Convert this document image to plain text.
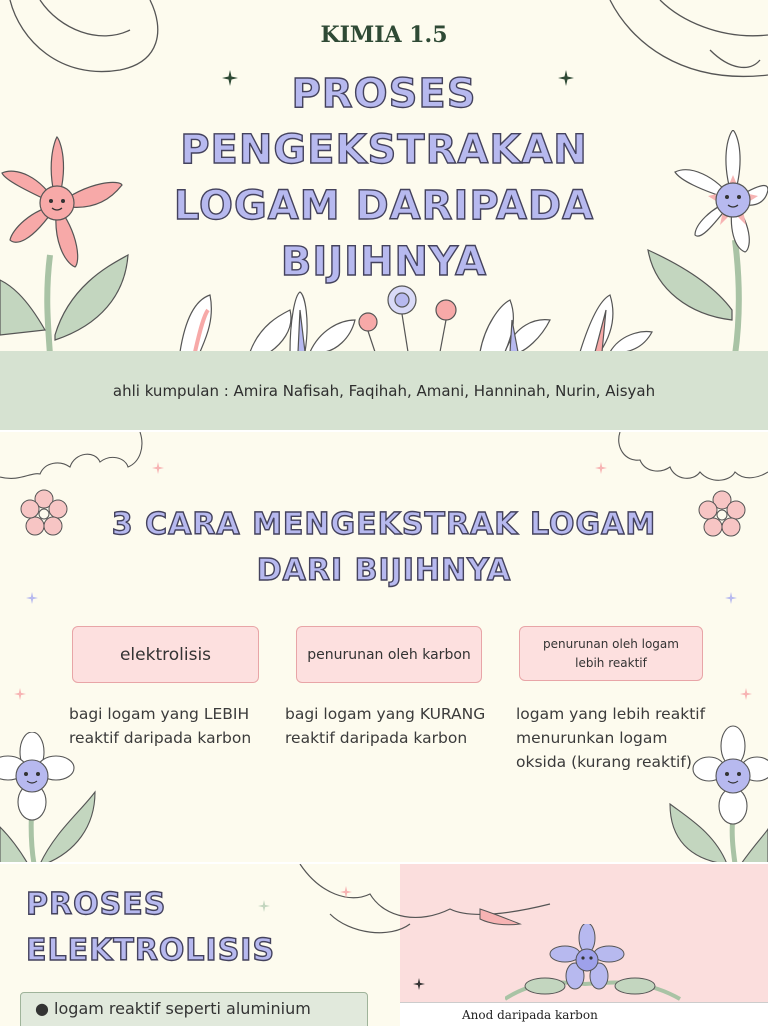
KIMIA 1.5
PROSES
PENGEKSTRAKAN
LOGAM DARIPADA
BIJIHNYA
ahli kumpulan : Amira Nafisah, Faqihah, Amani, Hanninah, Nurin, Aisyah
3 CARA MENGEKSTRAK LOGAM
DARI BIJIHNYA
elektrolisis	penurunan oleh karbon
penurunan oleh logam lebih reaktif
bagi logam yang LEBIH reaktif daripada karbon
bagi logam yang KURANG reaktif daripada karbon
logam yang lebih reaktif menurunkan logam oksida (kurang reaktif)
PROSES
ELEKTROLISIS
● logam reaktif seperti aluminium	Anod daripada karbon
